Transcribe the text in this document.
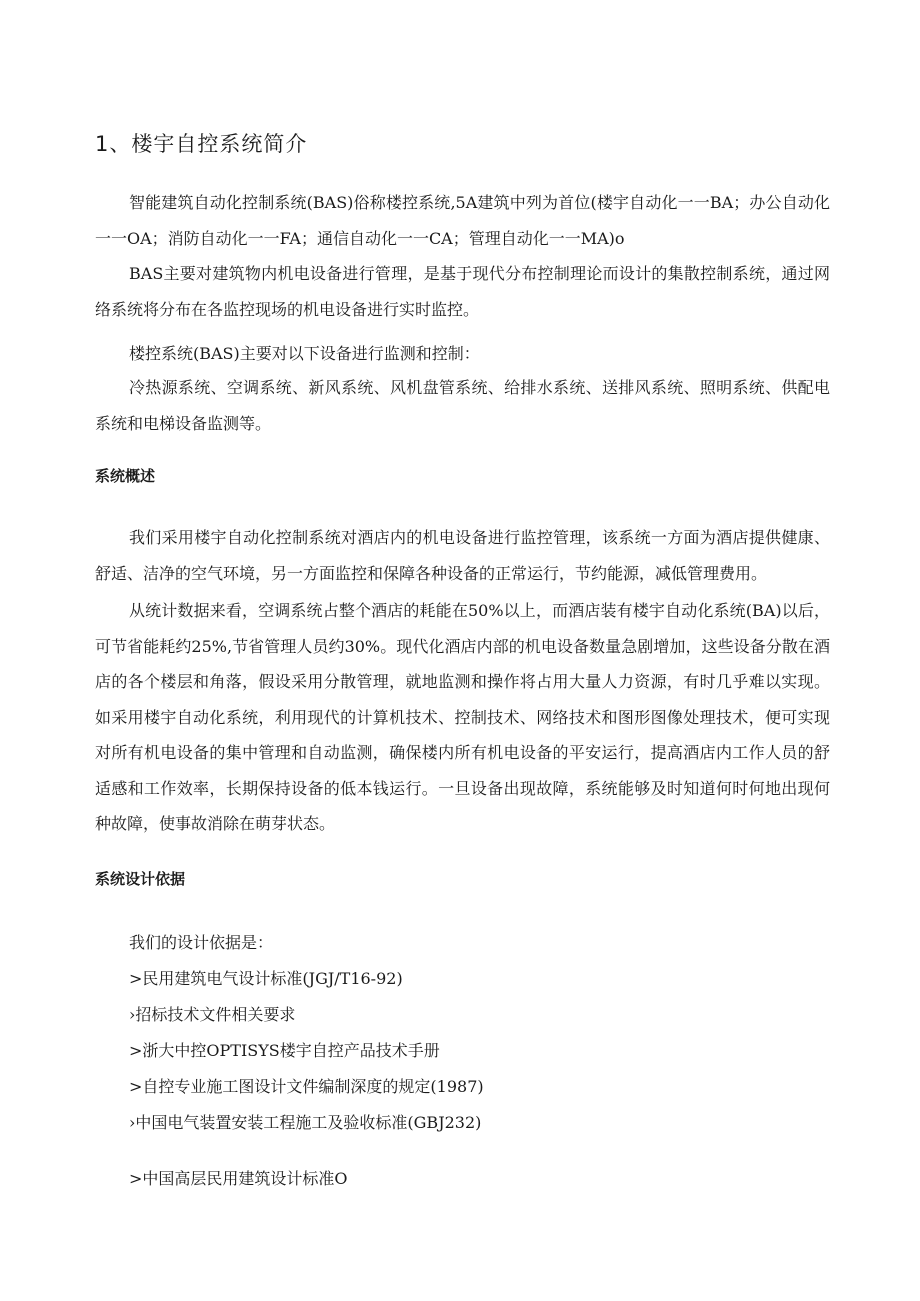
1、楼宇自控系统简介

智能建筑自动化控制系统(BAS)俗称楼控系统,5A建筑中列为首位(楼宇自动化一一BA；办公自动化一一OA；消防自动化一一FA；通信自动化一一CA；管理自动化一一MA)o

BAS主要对建筑物内机电设备进行管理，是基于现代分布控制理论而设计的集散控制系统，通过网络系统将分布在各监控现场的机电设备进行实时监控。

楼控系统(BAS)主要对以下设备进行监测和控制：

冷热源系统、空调系统、新风系统、风机盘管系统、给排水系统、送排风系统、照明系统、供配电系统和电梯设备监测等。

系统概述

我们采用楼宇自动化控制系统对酒店内的机电设备进行监控管理，该系统一方面为酒店提供健康、舒适、洁净的空气环境，另一方面监控和保障各种设备的正常运行，节约能源，减低管理费用。

从统计数据来看，空调系统占整个酒店的耗能在50%以上，而酒店装有楼宇自动化系统(BA)以后，可节省能耗约25%,节省管理人员约30%。现代化酒店内部的机电设备数量急剧增加，这些设备分散在酒店的各个楼层和角落，假设采用分散管理，就地监测和操作将占用大量人力资源，有时几乎难以实现。如采用楼宇自动化系统，利用现代的计算机技术、控制技术、网络技术和图形图像处理技术，便可实现对所有机电设备的集中管理和自动监测，确保楼内所有机电设备的平安运行，提高酒店内工作人员的舒适感和工作效率，长期保持设备的低本钱运行。一旦设备出现故障，系统能够及时知道何时何地出现何种故障，使事故消除在萌芽状态。

系统设计依据

我们的设计依据是：

>民用建筑电气设计标准(JGJ/T16-92)

›招标技术文件相关要求

>浙大中控OPTISYS楼宇自控产品技术手册

>自控专业施工图设计文件编制深度的规定(1987)

›中国电气装置安装工程施工及验收标准(GBJ232)

>中国高层民用建筑设计标准O
